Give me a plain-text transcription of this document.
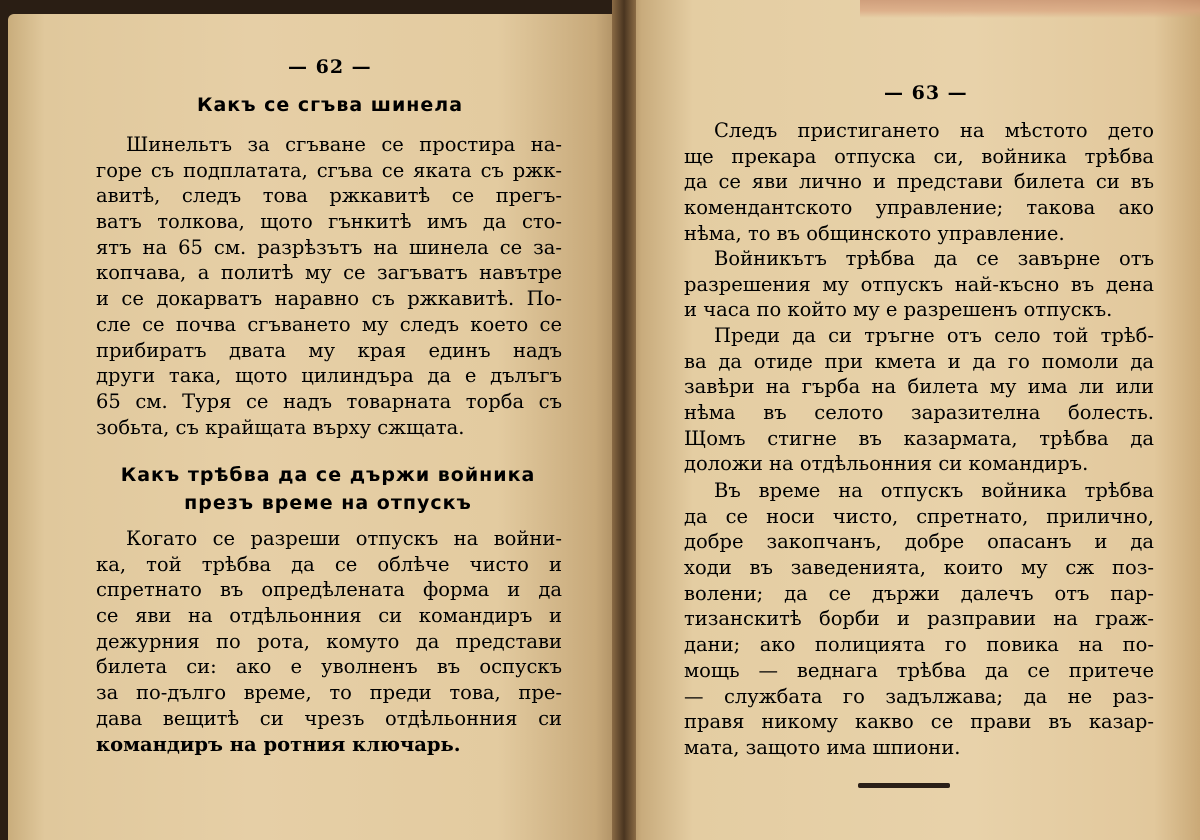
— 62 —
Какъ се сгъва шинела
Шинельтъ за сгъване се простира на-
горе съ подплатата, сгъва се яката съ ржк-
авитѣ, следъ това ржкавитѣ се прегъ-
ватъ толкова, щото гънкитѣ имъ да сто-
ятъ на 65 см. разрѣзътъ на шинела се за-
копчава, а политѣ му се загъватъ навътре
и се докарватъ наравно съ ржкавитѣ. По-
сле се почва сгъването му следъ което се
прибиратъ двата му края единъ надъ
други така, щото цилиндъра да е дълъгъ
65 см. Туря се надъ товарната торба съ
зобьта, съ крайщата върху сжщата.
Какъ трѣбва да се държи войника
презъ време на отпускъ
Когато се разреши отпускъ на войни-
ка, той трѣбва да се облѣче чисто и
спретнато въ опредѣлената форма и да
се яви на отдѣльонния си командиръ и
дежурния по рота, комуто да представи
билета си: ако е уволненъ въ оспускъ
за по-дълго време, то преди това, пре-
дава вещитѣ си чрезъ отдѣльонния си
командиръ на ротния ключарь.
— 63 —
Следъ пристигането на мѣстото дето
ще прекара отпуска си, войника трѣбва
да се яви лично и представи билета си въ
комендантското управление; такова ако
нѣма, то въ общинското управление.
Войникътъ трѣбва да се завърне отъ
разрешения му отпускъ най-късно въ дена
и часа по който му е разрешенъ отпускъ.
Преди да си тръгне отъ село той трѣб-
ва да отиде при кмета и да го помоли да
завѣри на гърба на билета му има ли или
нѣма въ селото заразителна болесть.
Щомъ стигне въ казармата, трѣбва да
доложи на отдѣльонния си командиръ.
Въ време на отпускъ войника трѣбва
да се носи чисто, спретнато, прилично,
добре закопчанъ, добре опасанъ и да
ходи въ заведенията, които му сж поз-
волени; да се държи далечъ отъ пар-
тизанскитѣ борби и разправии на граж-
дани; ако полицията го повика на по-
мощь — веднага трѣбва да се притече
— службата го задължава; да не раз-
правя никому какво се прави въ казар-
мата, защото има шпиони.
